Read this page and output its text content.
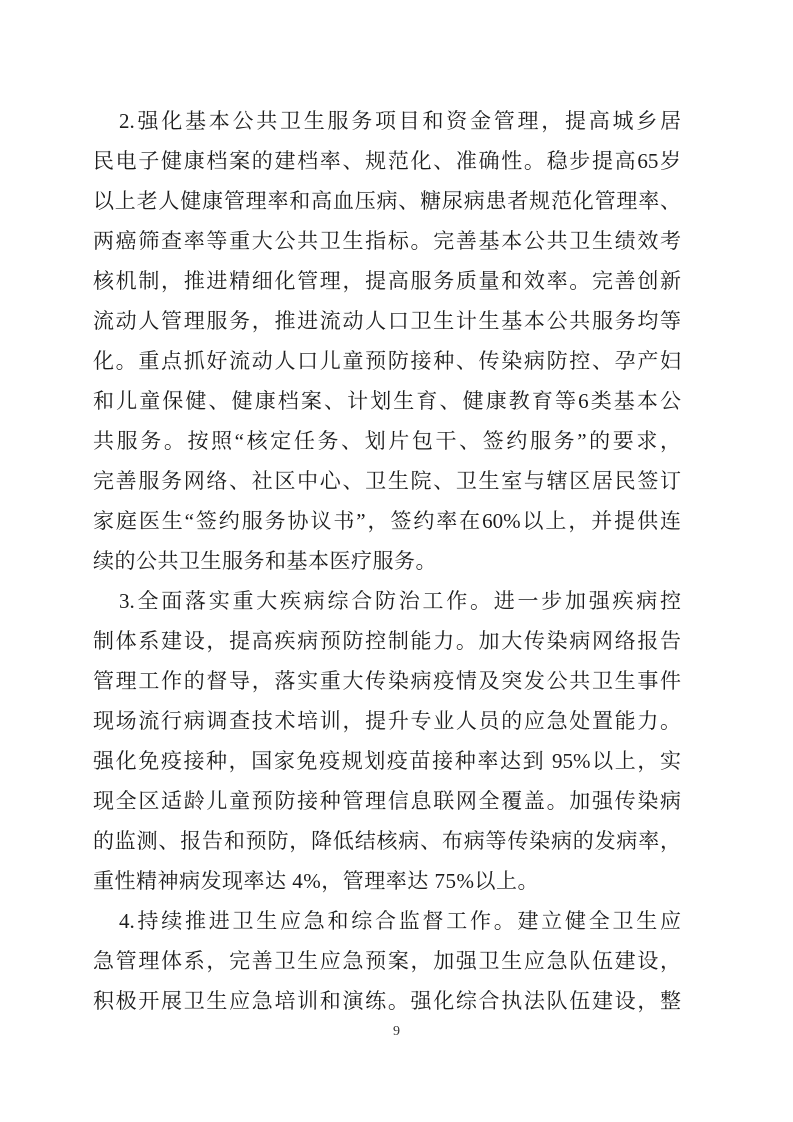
2.强化基本公共卫生服务项目和资金管理，提高城乡居
民电子健康档案的建档率、规范化、准确性。稳步提高65岁
以上老人健康管理率和高血压病、糖尿病患者规范化管理率、
两癌筛查率等重大公共卫生指标。完善基本公共卫生绩效考
核机制，推进精细化管理，提高服务质量和效率。完善创新
流动人管理服务，推进流动人口卫生计生基本公共服务均等
化。重点抓好流动人口儿童预防接种、传染病防控、孕产妇
和儿童保健、健康档案、计划生育、健康教育等6类基本公
共服务。按照“核定任务、划片包干、签约服务”的要求，
完善服务网络、社区中心、卫生院、卫生室与辖区居民签订
家庭医生“签约服务协议书”，签约率在60%以上，并提供连
续的公共卫生服务和基本医疗服务。
3.全面落实重大疾病综合防治工作。进一步加强疾病控
制体系建设，提高疾病预防控制能力。加大传染病网络报告
管理工作的督导，落实重大传染病疫情及突发公共卫生事件
现场流行病调查技术培训，提升专业人员的应急处置能力。
强化免疫接种，国家免疫规划疫苗接种率达到 95%以上，实
现全区适龄儿童预防接种管理信息联网全覆盖。加强传染病
的监测、报告和预防，降低结核病、布病等传染病的发病率，
重性精神病发现率达 4%，管理率达 75%以上。
4.持续推进卫生应急和综合监督工作。建立健全卫生应
急管理体系，完善卫生应急预案，加强卫生应急队伍建设，
积极开展卫生应急培训和演练。强化综合执法队伍建设，整
9
